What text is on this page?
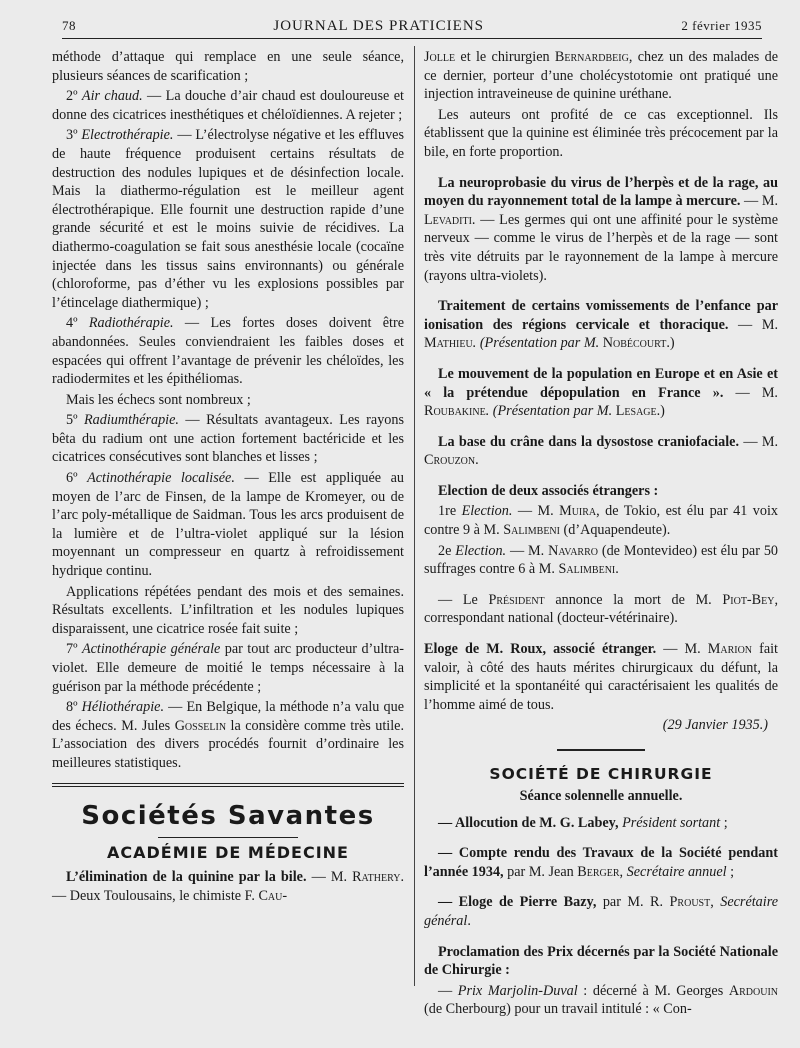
78	JOURNAL DES PRATICIENS	2 février 1935

méthode d’attaque qui remplace en une seule séance, plusieurs séances de scarification ;

2º Air chaud. — La douche d’air chaud est douloureuse et donne des cicatrices inesthétiques et chéloïdiennes. A rejeter ;

3º Electrothérapie. — L’électrolyse négative et les effluves de haute fréquence produisent certains résultats de destruction des nodules lupiques et de désinfection locale. Mais la diathermo-régulation est le meilleur agent électrothérapique. Elle fournit une destruction rapide d’une grande sécurité et est le moins suivie de récidives. La diathermo-coagulation se fait sous anesthésie locale (cocaïne injectée dans les tissus sains environnants) ou générale (chloroforme, pas d’éther vu les explosions possibles par l’étincelage diathermique) ;

4º Radiothérapie. — Les fortes doses doivent être abandonnées. Seules conviendraient les faibles doses et espacées qui offrent l’avantage de prévenir les chéloïdes, les radiodermites et les épithéliomas.

Mais les échecs sont nombreux ;

5º Radiumthérapie. — Résultats avantageux. Les rayons bêta du radium ont une action fortement bactéricide et les cicatrices consécutives sont blanches et lisses ;

6º Actinothérapie localisée. — Elle est appliquée au moyen de l’arc de Finsen, de la lampe de Kromeyer, ou de l’arc poly-métallique de Saidman. Tous les arcs produisent de la lumière et de l’ultra-violet appliqué sur la lésion moyennant un compresseur en quartz à refroidissement hydrique continu.

Applications répétées pendant des mois et des semaines. Résultats excellents. L’infiltration et les nodules lupiques disparaissent, une cicatrice rosée fait suite ;

7º Actinothérapie générale par tout arc producteur d’ultra-violet. Elle demeure de moitié le temps nécessaire à la guérison par la méthode précédente ;

8º Héliothérapie. — En Belgique, la méthode n’a valu que des échecs. M. Jules Gosselin la considère comme très utile. L’association des divers procédés fournit d’ordinaire les meilleures statistiques.

Sociétés Savantes
ACADÉMIE DE MÉDECINE

L’élimination de la quinine par la bile. — M. Rathery. — Deux Toulousains, le chimiste F. Cau-

Jolle et le chirurgien Bernardbeig, chez un des malades de ce dernier, porteur d’une cholécystotomie ont pratiqué une injection intraveineuse de quinine uréthane.

Les auteurs ont profité de ce cas exceptionnel. Ils établissent que la quinine est éliminée très précocement par la bile, en forte proportion.

La neuroprobasie du virus de l’herpès et de la rage, au moyen du rayonnement total de la lampe à mercure. — M. Levaditi. — Les germes qui ont une affinité pour le système nerveux — comme le virus de l’herpès et de la rage — sont très vite détruits par le rayonnement de la lampe à mercure (rayons ultra-violets).

Traitement de certains vomissements de l’enfance par ionisation des régions cervicale et thoracique. — M. Mathieu. (Présentation par M. Nobécourt.)

Le mouvement de la population en Europe et en Asie et « la prétendue dépopulation en France ». — M. Roubakine. (Présentation par M. Lesage.)

La base du crâne dans la dysostose craniofaciale. — M. Crouzon.

Election de deux associés étrangers :

1re Election. — M. Muira, de Tokio, est élu par 41 voix contre 9 à M. Salimbeni (d’Aquapendeute).

2e Election. — M. Navarro (de Montevideo) est élu par 50 suffrages contre 6 à M. Salimbeni.

— Le Président annonce la mort de M. Piot-Bey, correspondant national (docteur-vétérinaire).

Eloge de M. Roux, associé étranger. — M. Marion fait valoir, à côté des hauts mérites chirurgicaux du défunt, la simplicité et la spontanéité qui caractérisaient les qualités de l’homme aimé de tous.

(29 Janvier 1935.)
SOCIÉTÉ DE CHIRURGIE
Séance solennelle annuelle.

— Allocution de M. G. Labey, Président sortant ;

— Compte rendu des Travaux de la Société pendant l’année 1934, par M. Jean Berger, Secrétaire annuel ;

— Eloge de Pierre Bazy, par M. R. Proust, Secrétaire général.

Proclamation des Prix décernés par la Société Nationale de Chirurgie :

— Prix Marjolin-Duval : décerné à M. Georges Ardouin (de Cherbourg) pour un travail intitulé : « Con-
